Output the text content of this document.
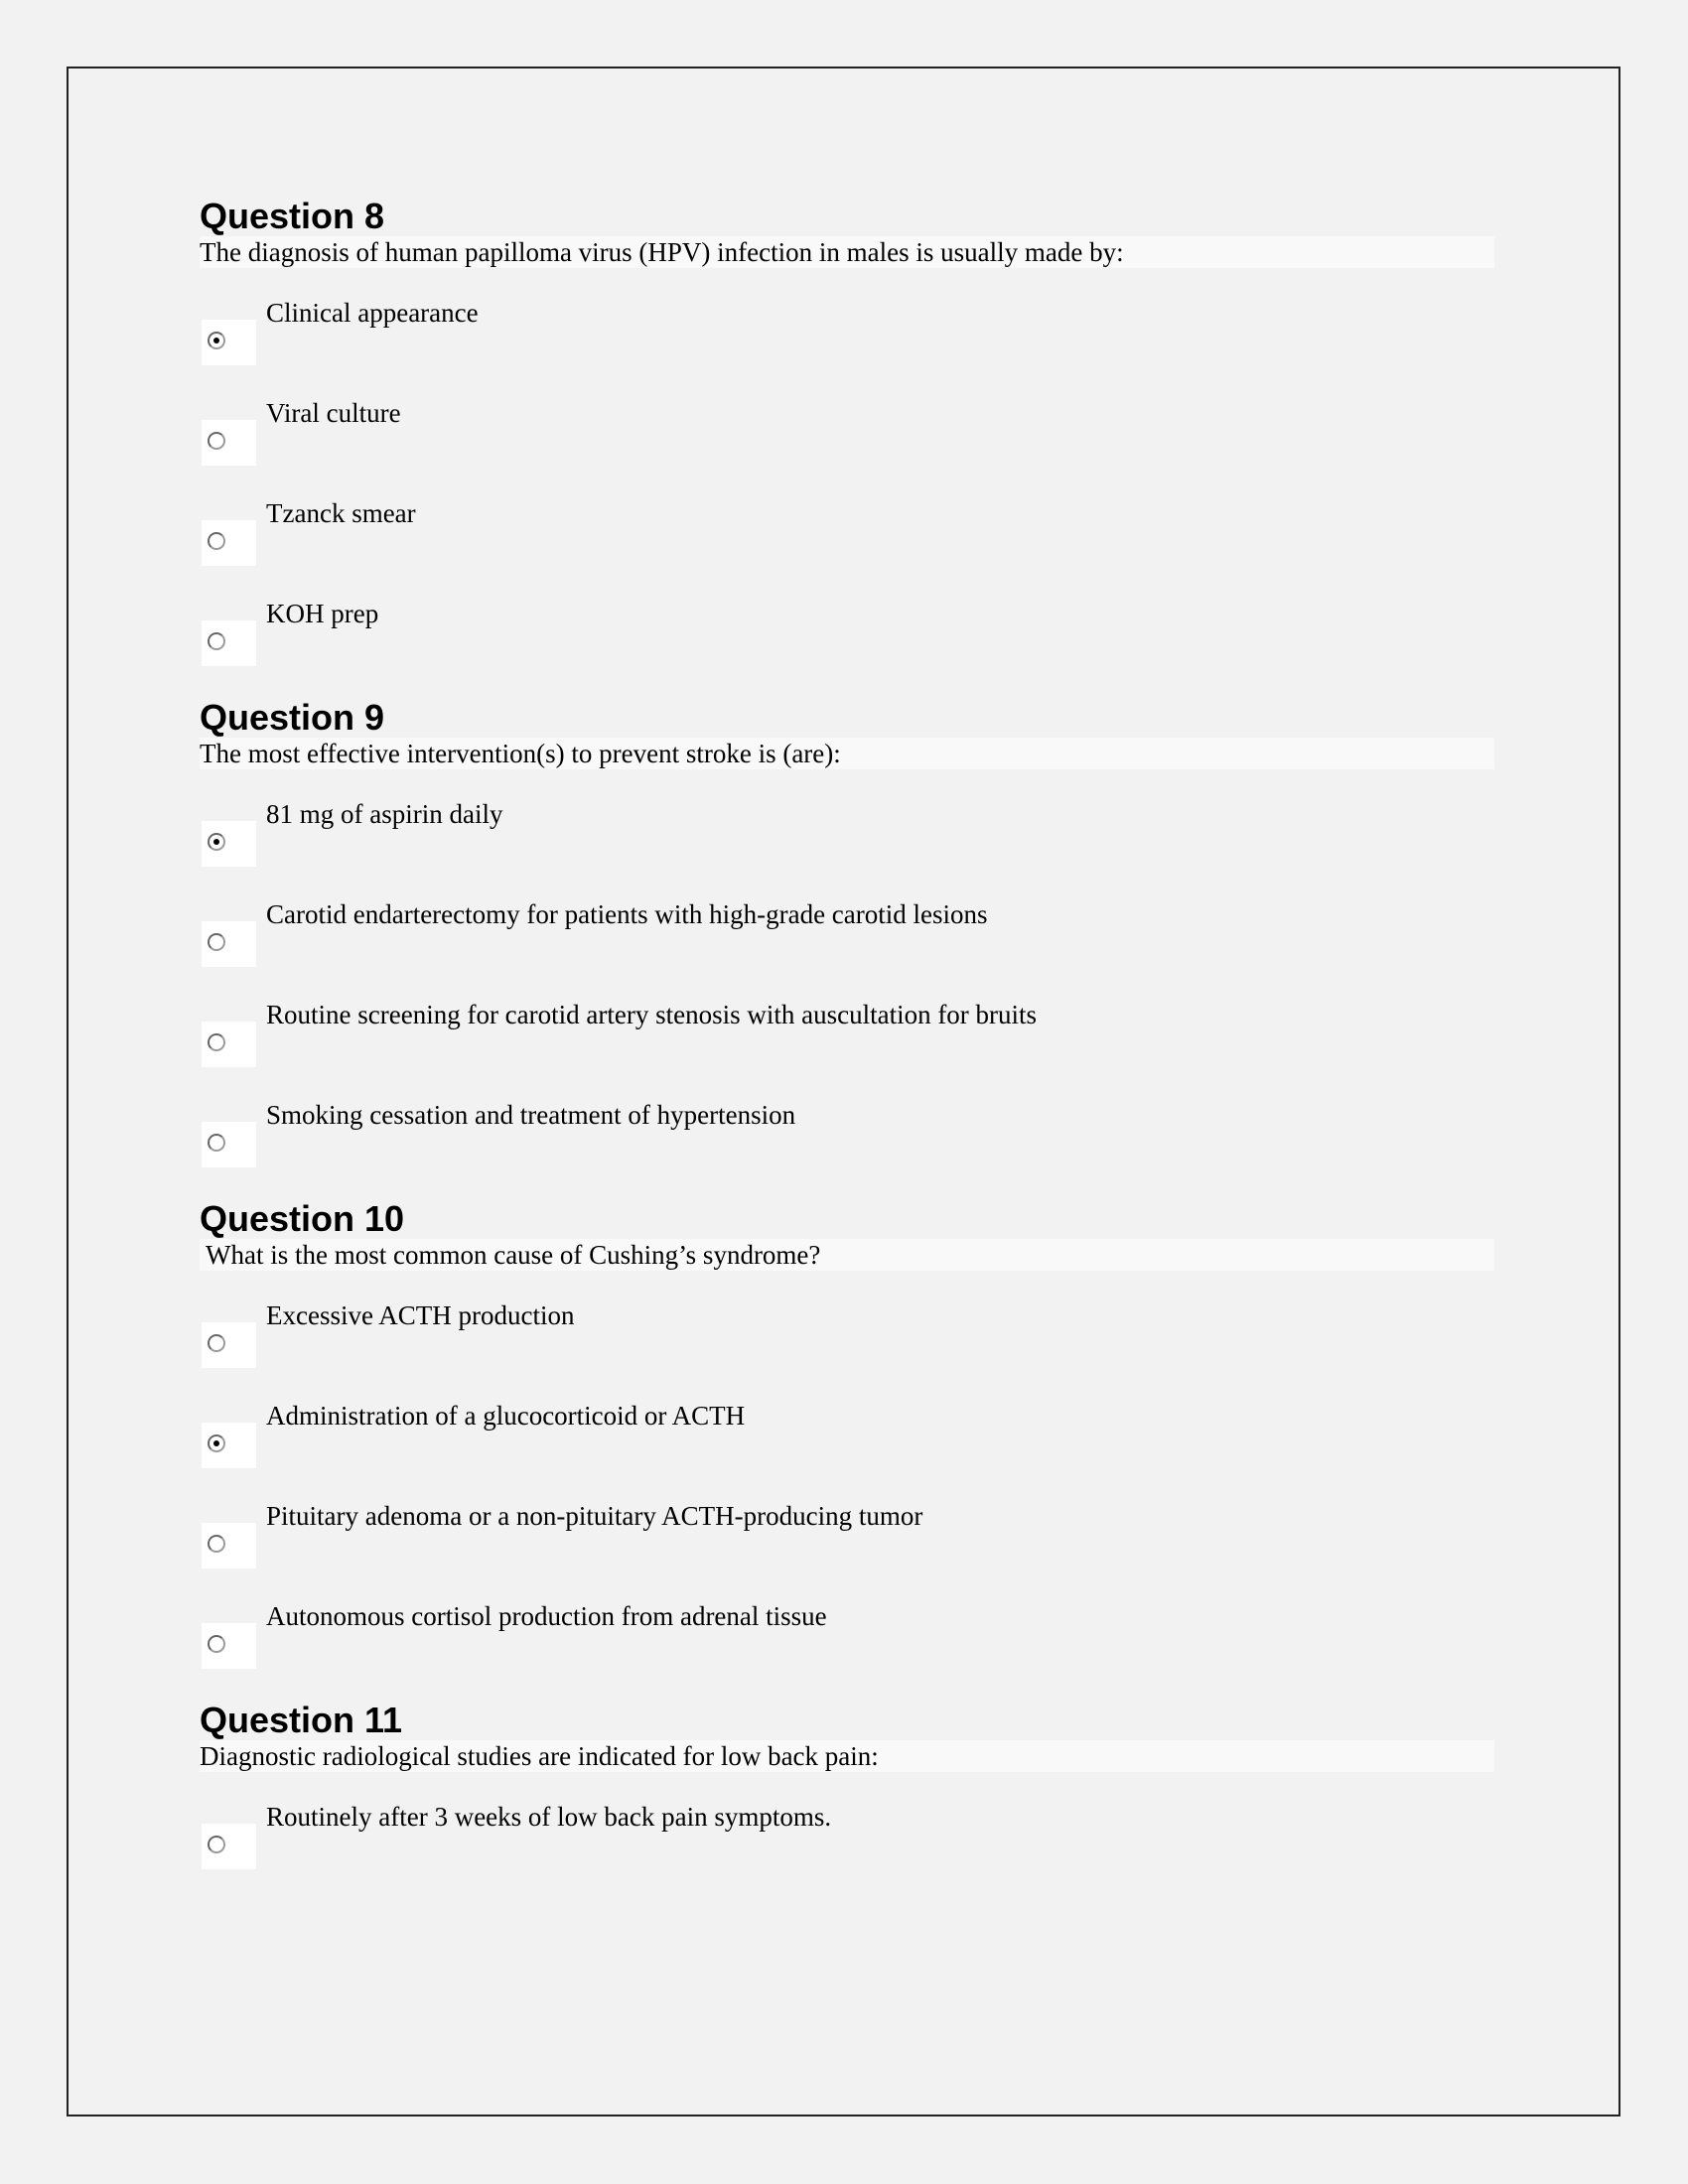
Question 8
The diagnosis of human papilloma virus (HPV) infection in males is usually made by:
Clinical appearance
Viral culture
Tzanck smear
KOH prep
Question 9
The most effective intervention(s) to prevent stroke is (are):
81 mg of aspirin daily
Carotid endarterectomy for patients with high-grade carotid lesions
Routine screening for carotid artery stenosis with auscultation for bruits
Smoking cessation and treatment of hypertension
Question 10
What is the most common cause of Cushing’s syndrome?
Excessive ACTH production
Administration of a glucocorticoid or ACTH
Pituitary adenoma or a non-pituitary ACTH-producing tumor
Autonomous cortisol production from adrenal tissue
Question 11
Diagnostic radiological studies are indicated for low back pain:
Routinely after 3 weeks of low back pain symptoms.
